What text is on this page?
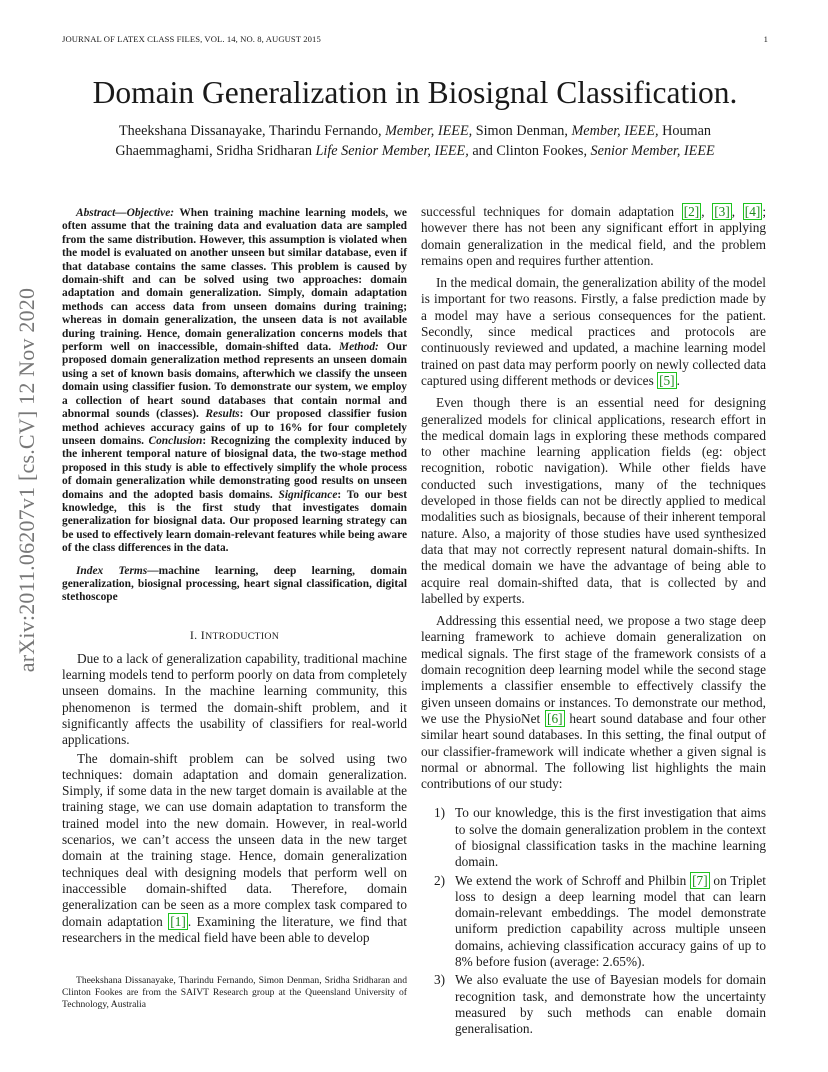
JOURNAL OF LATEX CLASS FILES, VOL. 14, NO. 8, AUGUST 2015	1
arXiv:2011.06207v1 [cs.CV] 12 Nov 2020
Domain Generalization in Biosignal Classification.
Theekshana Dissanayake, Tharindu Fernando, Member, IEEE, Simon Denman, Member, IEEE, Houman
Ghaemmaghami, Sridha Sridharan Life Senior Member, IEEE, and Clinton Fookes, Senior Member, IEEE

Abstract—Objective: When training machine learning models, we often assume that the training data and evaluation data are sampled from the same distribution. However, this assumption is violated when the model is evaluated on another unseen but similar database, even if that database contains the same classes. This problem is caused by domain-shift and can be solved using two approaches: domain adaptation and domain generalization. Simply, domain adaptation methods can access data from unseen domains during training; whereas in domain generalization, the unseen data is not available during training. Hence, domain generalization concerns models that perform well on inaccessible, domain-shifted data. Method: Our proposed domain generalization method represents an unseen domain using a set of known basis domains, afterwhich we classify the unseen domain using classifier fusion. To demonstrate our system, we employ a collection of heart sound databases that contain normal and abnormal sounds (classes). Results: Our proposed classifier fusion method achieves accuracy gains of up to 16% for four completely unseen domains. Conclusion: Recognizing the complexity induced by the inherent temporal nature of biosignal data, the two-stage method proposed in this study is able to effectively simplify the whole process of domain generalization while demonstrating good results on unseen domains and the adopted basis domains. Significance: To our best knowledge, this is the first study that investigates domain generalization for biosignal data. Our proposed learning strategy can be used to effectively learn domain-relevant features while being aware of the class differences in the data.

Index Terms—machine learning, deep learning, domain generalization, biosignal processing, heart signal classification, digital stethoscope

I. INTRODUCTION

Due to a lack of generalization capability, traditional machine learning models tend to perform poorly on data from completely unseen domains. In the machine learning community, this phenomenon is termed the domain-shift problem, and it significantly affects the usability of classifiers for real-world applications.

The domain-shift problem can be solved using two techniques: domain adaptation and domain generalization. Simply, if some data in the new target domain is available at the training stage, we can use domain adaptation to transform the trained model into the new domain. However, in real-world scenarios, we can’t access the unseen data in the new target domain at the training stage. Hence, domain generalization techniques deal with designing models that perform well on inaccessible domain-shifted data. Therefore, domain generalization can be seen as a more complex task compared to domain adaptation [1] . Examining the literature, we find that researchers in the medical field have been able to develop

Theekshana Dissanayake, Tharindu Fernando, Simon Denman, Sridha Sridharan and Clinton Fookes are from the SAIVT Research group at the Queensland University of Technology, Australia

successful techniques for domain adaptation [2] , [3] , [4] ; however there has not been any significant effort in applying domain generalization in the medical field, and the problem remains open and requires further attention.

In the medical domain, the generalization ability of the model is important for two reasons. Firstly, a false prediction made by a model may have a serious consequences for the patient. Secondly, since medical practices and protocols are continuously reviewed and updated, a machine learning model trained on past data may perform poorly on newly collected data captured using different methods or devices [5] .

Even though there is an essential need for designing generalized models for clinical applications, research effort in the medical domain lags in exploring these methods compared to other machine learning application fields (eg: object recognition, robotic navigation). While other fields have conducted such investigations, many of the techniques developed in those fields can not be directly applied to medical modalities such as biosignals, because of their inherent temporal nature. Also, a majority of those studies have used synthesized data that may not correctly represent natural domain-shifts. In the medical domain we have the advantage of being able to acquire real domain-shifted data, that is collected by and labelled by experts.

Addressing this essential need, we propose a two stage deep learning framework to achieve domain generalization on medical signals. The first stage of the framework consists of a domain recognition deep learning model while the second stage implements a classifier ensemble to effectively classify the given unseen domains or instances. To demonstrate our method, we use the PhysioNet [6] heart sound database and four other similar heart sound databases. In this setting, the final output of our classifier-framework will indicate whether a given signal is normal or abnormal. The following list highlights the main contributions of our study:

1) To our knowledge, this is the first investigation that aims to solve the domain generalization problem in the context of biosignal classification tasks in the machine learning domain.
2) We extend the work of Schroff and Philbin [7] on Triplet loss to design a deep learning model that can learn domain-relevant embeddings. The model demonstrate uniform prediction capability across multiple unseen domains, achieving classification accuracy gains of up to 8% before fusion (average: 2.65%).
3) We also evaluate the use of Bayesian models for domain recognition task, and demonstrate how the uncertainty measured by such methods can enable domain generalisation.
